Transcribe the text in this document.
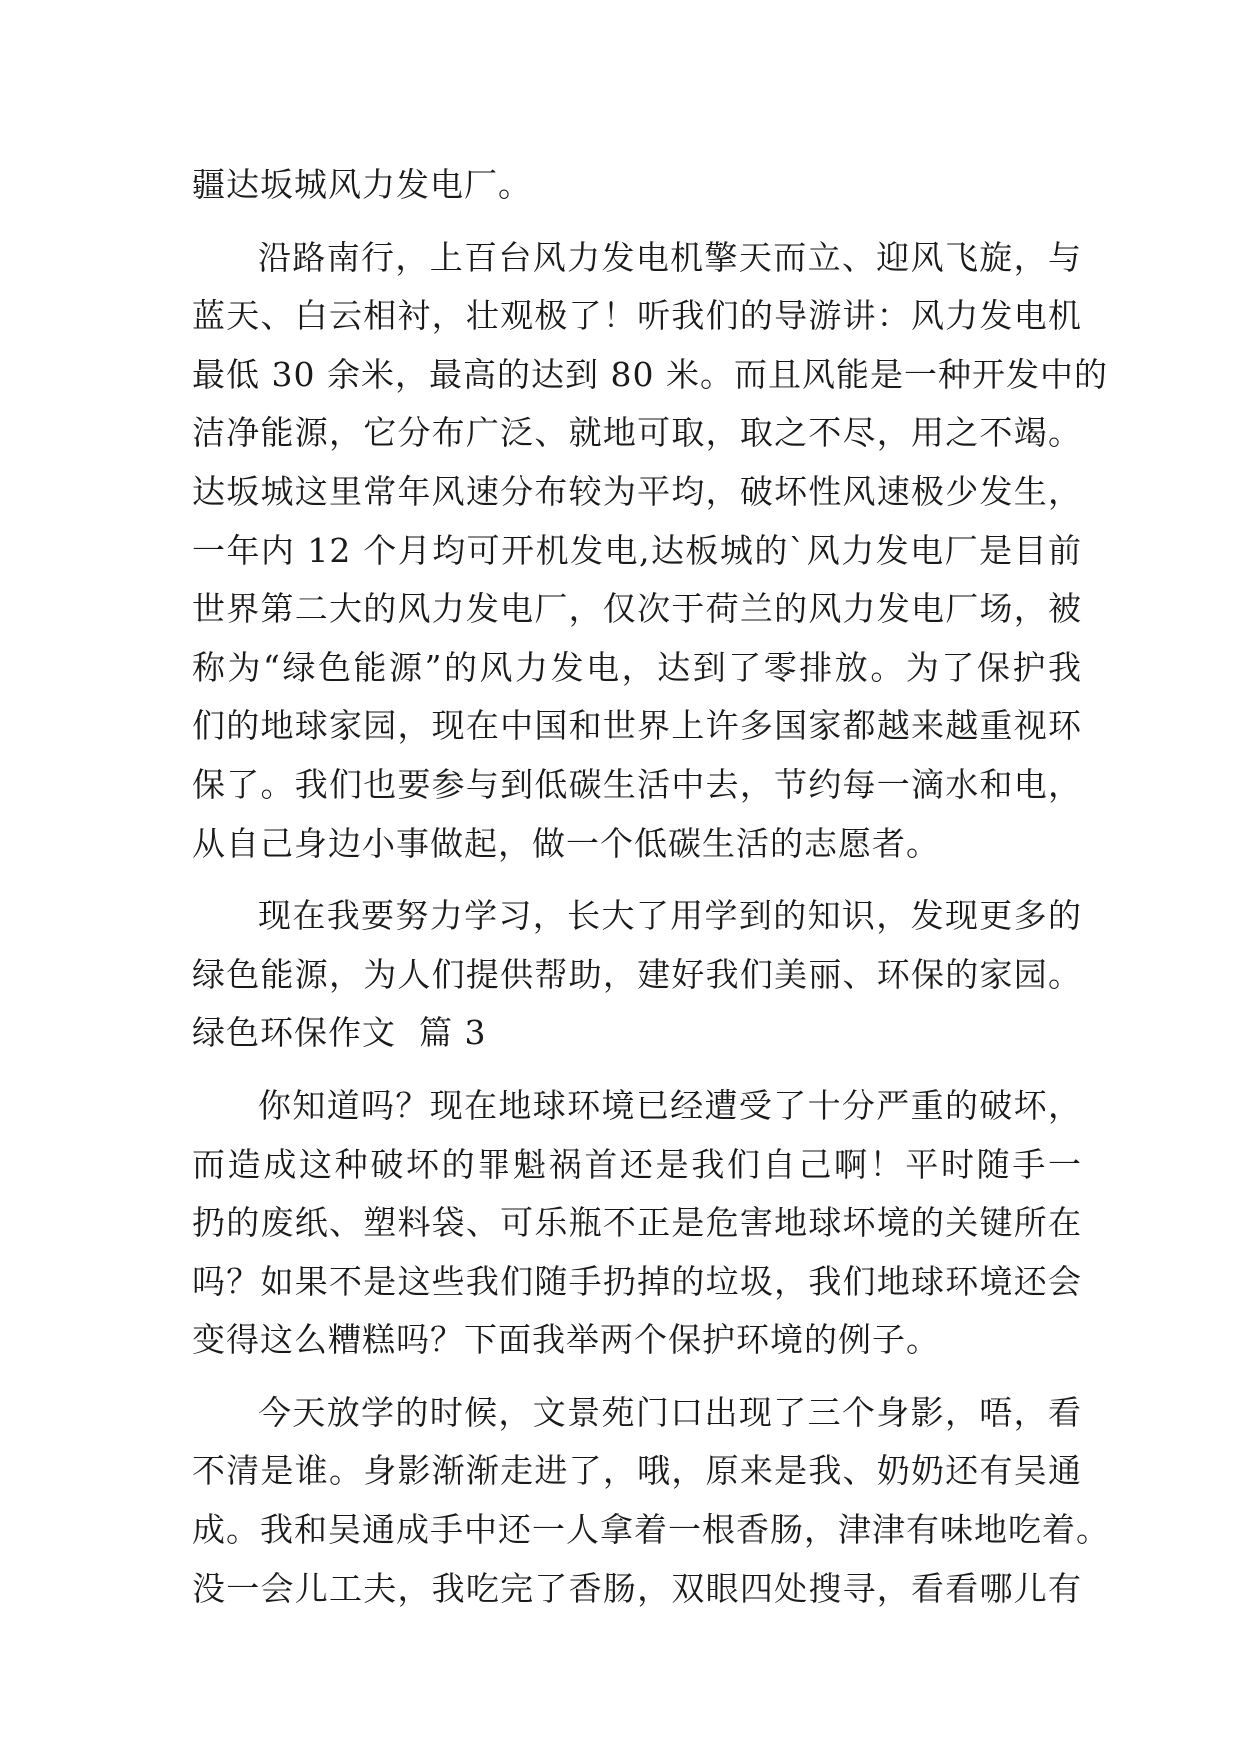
疆达坂城风力发电厂。
沿路南行，上百台风力发电机擎天而立、迎风飞旋，与
蓝天、白云相衬，壮观极了！听我们的导游讲：风力发电机
最低 30 余米，最高的达到 80 米。而且风能是一种开发中的
洁净能源，它分布广泛、就地可取，取之不尽，用之不竭。
达坂城这里常年风速分布较为平均，破坏性风速极少发生，
一年内 12 个月均可开机发电,达板城的`风力发电厂是目前
世界第二大的风力发电厂，仅次于荷兰的风力发电厂场，被
称为“绿色能源”的风力发电，达到了零排放。为了保护我
们的地球家园，现在中国和世界上许多国家都越来越重视环
保了。我们也要参与到低碳生活中去，节约每一滴水和电，
从自己身边小事做起，做一个低碳生活的志愿者。
现在我要努力学习，长大了用学到的知识，发现更多的
绿色能源，为人们提供帮助，建好我们美丽、环保的家园。
绿色环保作文  篇 3
你知道吗？现在地球环境已经遭受了十分严重的破坏，
而造成这种破坏的罪魁祸首还是我们自己啊！平时随手一
扔的废纸、塑料袋、可乐瓶不正是危害地球坏境的关键所在
吗？如果不是这些我们随手扔掉的垃圾，我们地球环境还会
变得这么糟糕吗？下面我举两个保护环境的例子。
今天放学的时候，文景苑门口出现了三个身影，唔，看
不清是谁。身影渐渐走进了，哦，原来是我、奶奶还有吴通
成。我和吴通成手中还一人拿着一根香肠，津津有味地吃着。
没一会儿工夫，我吃完了香肠，双眼四处搜寻，看看哪儿有
